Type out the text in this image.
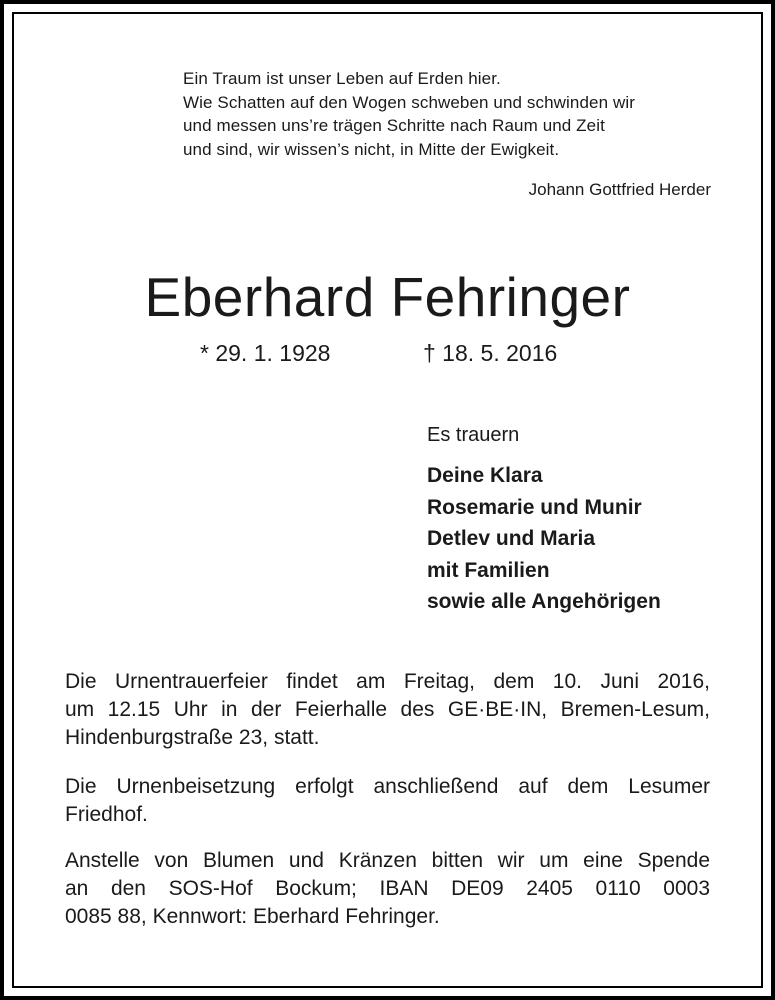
Ein Traum ist unser Leben auf Erden hier.
Wie Schatten auf den Wogen schweben und schwinden wir
und messen uns’re trägen Schritte nach Raum und Zeit
und sind, wir wissen’s nicht, in Mitte der Ewigkeit.
Johann Gottfried Herder
Eberhard Fehringer
* 29. 1. 1928	† 18. 5. 2016
Es trauern
Deine Klara
Rosemarie und Munir
Detlev und Maria
mit Familien
sowie alle Angehörigen
Die Urnentrauerfeier findet am Freitag, dem 10. Juni 2016,
um 12.15 Uhr in der Feierhalle des GE·BE·IN, Bremen-Lesum,
Hindenburgstraße 23, statt.
Die Urnenbeisetzung erfolgt anschließend auf dem Lesumer
Friedhof.
Anstelle von Blumen und Kränzen bitten wir um eine Spende
an den SOS-Hof Bockum; IBAN DE09 2405 0110 0003
0085 88, Kennwort: Eberhard Fehringer.
